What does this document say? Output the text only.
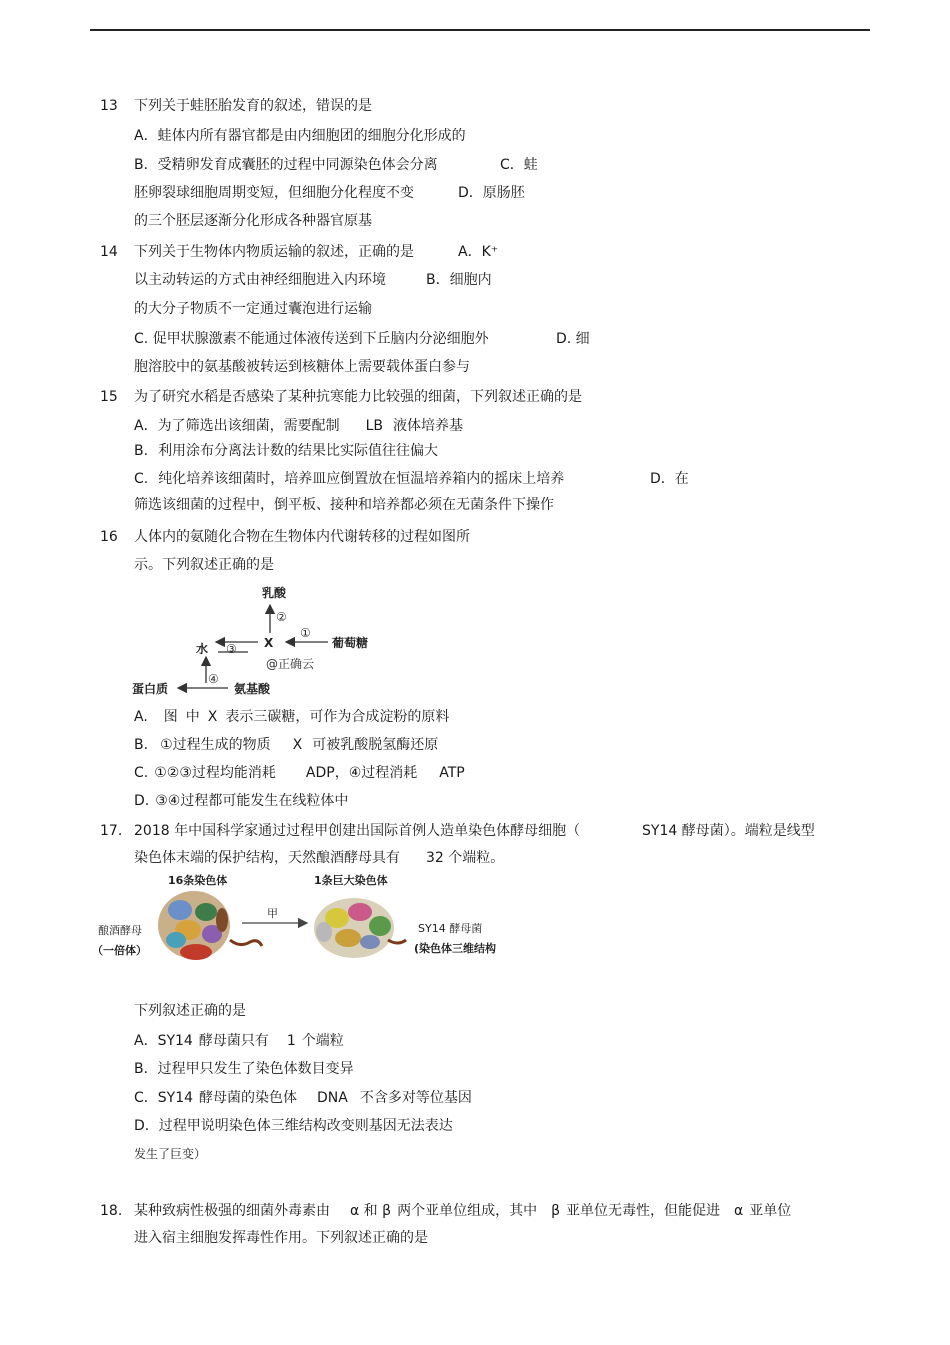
13 下列关于蛙胚胎发育的叙述，错误的是
A．蛙体内所有器官都是由内细胞团的细胞分化形成的
B．受精卵发育成囊胚的过程中同源染色体会分离	C．蛙
胚卵裂球细胞周期变短，但细胞分化程度不变	D．原肠胚
的三个胚层逐渐分化形成各种器官原基
14 下列关于生物体内物质运输的叙述，正确的是	A．K⁺
以主动转运的方式由神经细胞进入内环境	B．细胞内
的大分子物质不一定通过囊泡进行运输
C. 促甲状腺激素不能通过体液传送到下丘脑内分泌细胞外	D. 细
胞溶胶中的氨基酸被转运到核糖体上需要载体蛋白参与
15 为了研究水稻是否感染了某种抗寒能力比较强的细菌，下列叙述正确的是
A．为了筛选出该细菌，需要配制 LB 液体培养基
B. 利用涂布分离法计数的结果比实际值往往偏大
C. 纯化培养该细菌时，培养皿应倒置放在恒温培养箱内的摇床上培养	D．在
筛选该细菌的过程中，倒平板、接种和培养都必须在无菌条件下操作
16 人体内的氨随化合物在生物体内代谢转移的过程如图所
示。下列叙述正确的是
乳酸
②
X
①
葡萄糖
水 ③
@正确云
④
蛋白质	氨基酸
A. 图 中 X 表示三碳糖，可作为合成淀粉的原料
B. ①过程生成的物质 X 可被乳酸脱氢酶还原
C. ①②③过程均能消耗 ADP，④过程消耗 ATP
D. ③④过程都可能发生在线粒体中
17. 2018 年中国科学家通过过程甲创建出国际首例人造单染色体酵母细胞（	SY14 酵母菌）。端粒是线型
染色体末端的保护结构，天然酿酒酵母具有 32 个端粒。
16条染色体	1条巨大染色体
甲
酿酒酵母
（一倍体）
SY14 酵母菌
(染色体三维结构
下列叙述正确的是
A．SY14 酵母菌只有 1 个端粒
B．过程甲只发生了染色体数目变异
C．SY14 酵母菌的染色体 DNA 不含多对等位基因
D．过程甲说明染色体三维结构改变则基因无法表达
发生了巨变）
18. 某种致病性极强的细菌外毒素由 α 和 β 两个亚单位组成，其中 β 亚单位无毒性，但能促进 α 亚单位
进入宿主细胞发挥毒性作用。下列叙述正确的是
